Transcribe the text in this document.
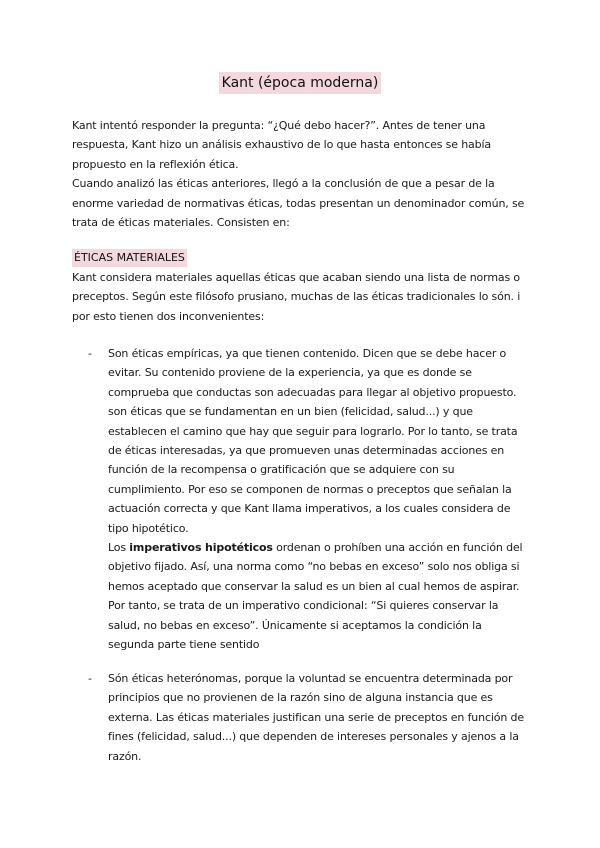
Kant (época moderna)

Kant intentó responder la pregunta: “¿Qué debo hacer?”. Antes de tener una respuesta, Kant hizo un análisis exhaustivo de lo que hasta entonces se había propuesto en la reflexión ética.

Cuando analizó las éticas anteriores, llegó a la conclusión de que a pesar de la enorme variedad de normativas éticas, todas presentan un denominador común, se trata de éticas materiales. Consisten en:

ÉTICAS MATERIALES

Kant considera materiales aquellas éticas que acaban siendo una lista de normas o preceptos. Según este filósofo prusiano, muchas de las éticas tradicionales lo són. i por esto tienen dos inconvenientes:

-	Son éticas empíricas, ya que tienen contenido. Dicen que se debe hacer o evitar. Su contenido proviene de la experiencia, ya que es donde se comprueba que conductas son adecuadas para llegar al objetivo propuesto. son éticas que se fundamentan en un bien (felicidad, salud...) y que establecen el camino que hay que seguir para lograrlo. Por lo tanto, se trata de éticas interesadas, ya que promueven unas determinadas acciones en función de la recompensa o gratificación que se adquiere con su cumplimiento. Por eso se componen de normas o preceptos que señalan la actuación correcta y que Kant llama imperativos, a los cuales considera de tipo hipotético.

Los imperativos hipotéticos ordenan o prohíben una acción en función del objetivo fijado. Así, una norma como “no bebas en exceso” solo nos obliga si hemos aceptado que conservar la salud es un bien al cual hemos de aspirar. Por tanto, se trata de un imperativo condicional: “Si quieres conservar la salud, no bebas en exceso”. Únicamente si aceptamos la condición la segunda parte tiene sentido

-	Són éticas heterónomas, porque la voluntad se encuentra determinada por principios que no provienen de la razón sino de alguna instancia que es externa. Las éticas materiales justifican una serie de preceptos en función de fines (felicidad, salud...) que dependen de intereses personales y ajenos a la razón.
